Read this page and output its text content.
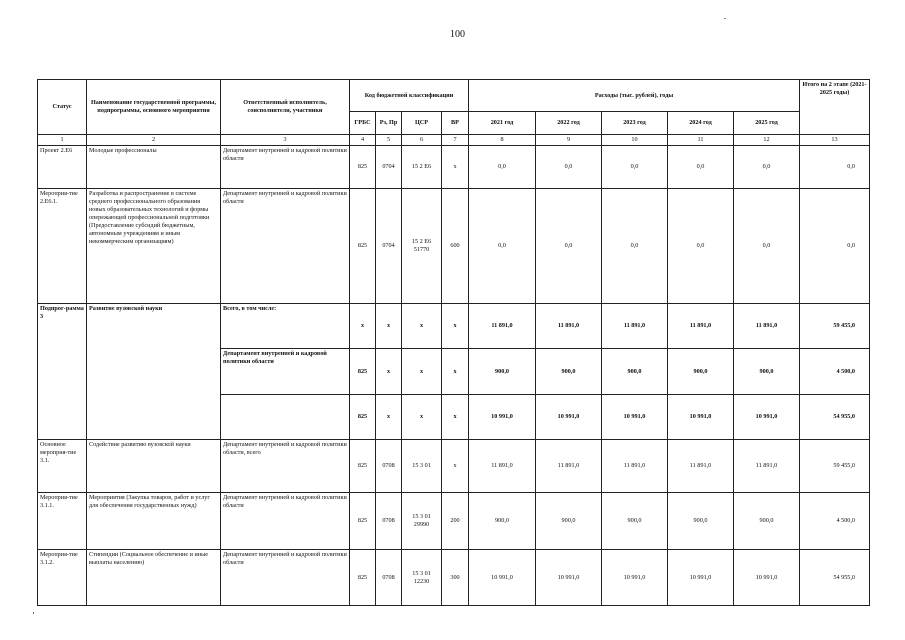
100
Статус	Наименование государственной программы, подпрограммы, основного мероприятия	Ответственный исполнитель, соисполнители, участники	Код бюджетной классификации				Расходы (тыс. рублей), годы					Итого на 2 этапе (2021-2025 годы)
			ГРБС	Рз, Пр	ЦСР	ВР	2021 год	2022 год	2023 год	2024 год	2025 год	
1	2	3	4	5	6	7	8	9	10	11	12	13
Проект 2.Е6	Молодые профессионалы	Департамент внутренней и кадровой политики области	825	0704	15 2 Е6	х	0,0	0,0	0,0	0,0	0,0	0,0
Мероприя-тие 2.Е6.1.	Разработка и распространение в системе среднего профессионального образования новых образовательных технологий и формы опережающей профессиональной подготовки (Предоставление субсидий бюджетным, автономным учреждениям и иным некоммерческим организациям)	Департамент внутренней и кадровой политики области	825	0704	15 2 Е6 51770	600	0,0	0,0	0,0	0,0	0,0	0,0
Подпрог-рамма 3	Развитие вузовской науки	Всего, в том числе:	х	х	х	х	11 891,0	11 891,0	11 891,0	11 891,0	11 891,0	59 455,0
		Департамент внутренней и кадровой политики области	825	х	х	х	900,0	900,0	900,0	900,0	900,0	4 500,0
			825	х	х	х	10 991,0	10 991,0	10 991,0	10 991,0	10 991,0	54 955,0
Основное мероприя-тие 3.1.	Содействие развитию вузовской науки	Департамент внутренней и кадровой политики области, всего	825	0708	15 3 01	х	11 891,0	11 891,0	11 891,0	11 891,0	11 891,0	59 455,0
Мероприя-тие 3.1.1.	Мероприятия (Закупка товаров, работ и услуг для обеспечения государственных нужд)	Департамент внутренней и кадровой политики области	825	0708	15 3 01 29990	200	900,0	900,0	900,0	900,0	900,0	4 500,0
Мероприя-тие 3.1.2.	Стипендии (Социальное обеспечение и иные выплаты населению)	Департамент внутренней и кадровой политики области	825	0708	15 3 01 12230	300	10 991,0	10 991,0	10 991,0	10 991,0	10 991,0	54 955,0
